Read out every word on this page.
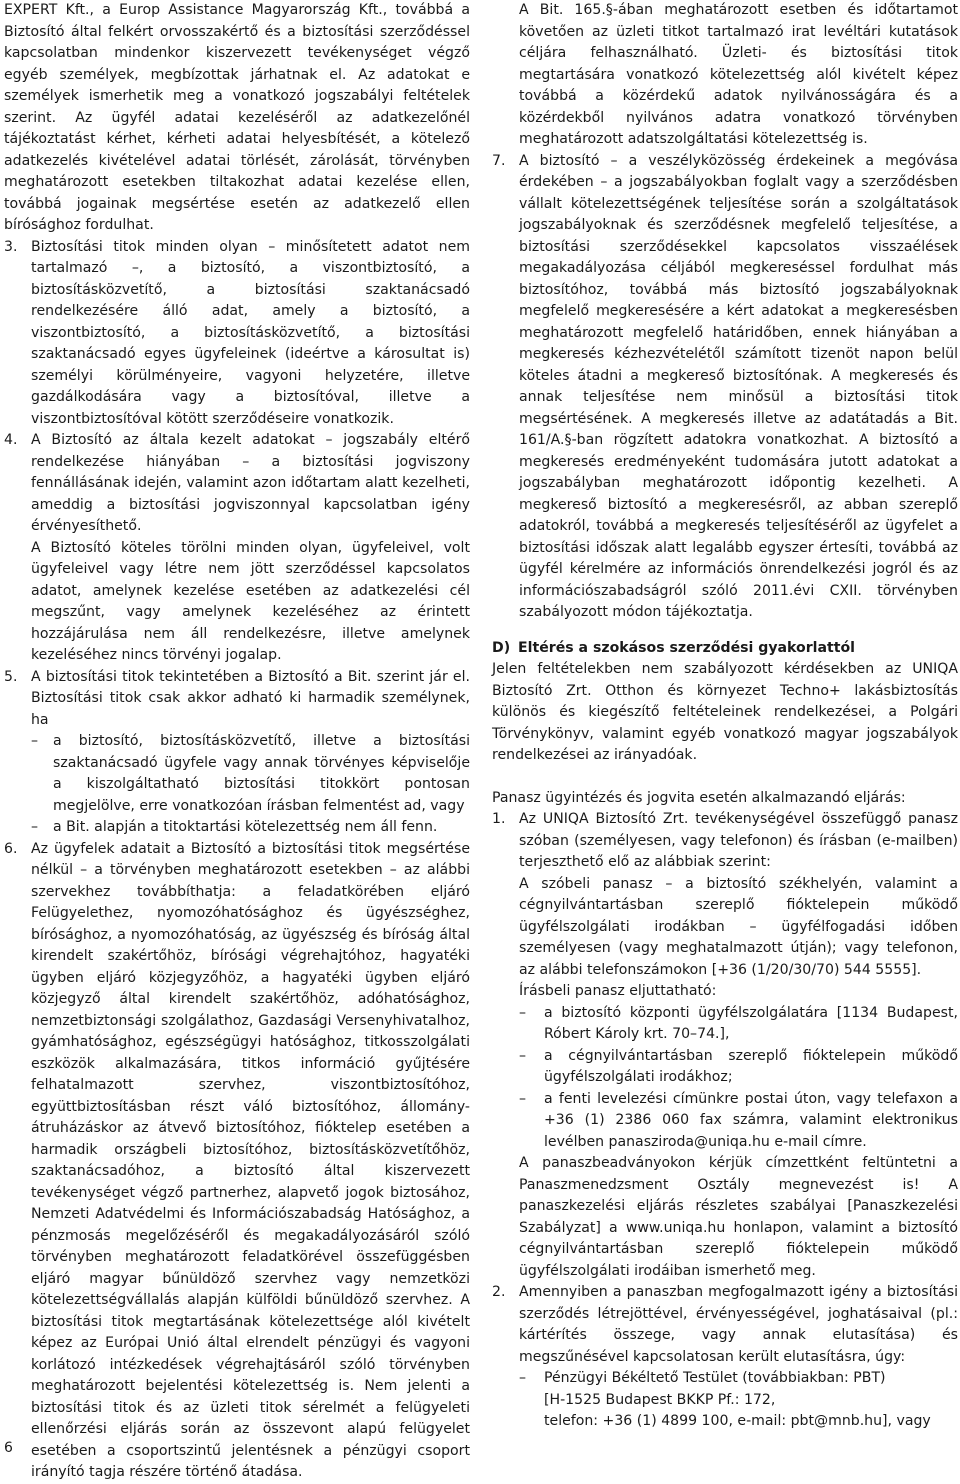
EXPERT Kft., a Europ Assistance Magyarország Kft., továbbá a Biztosító által felkért orvosszakértő és a biztosítási szerződéssel kapcsolatban mindenkor kiszervezett tevékenységet végző egyéb személyek, megbízottak járhatnak el. Az adatokat e személyek ismerhetik meg a vonatkozó jogszabályi feltételek szerint. Az ügyfél adatai kezeléséről az adatkezelőnél tájékoztatást kérhet, kérheti adatai helyesbítését, a kötelező adatkezelés kivételével adatai törlését, zárolását, törvényben meghatározott esetekben tiltakozhat adatai kezelése ellen, továbbá jogainak megsértése esetén az adatkezelő ellen bírósághoz fordulhat.

3. Biztosítási titok minden olyan – minősítetett adatot nem tartalmazó –, a biztosító, a viszontbiztosító, a biztosításközvetítő, a biztosítási szaktanácsadó rendelkezésére álló adat, amely a biztosító, a viszontbiztosító, a biztosításközvetítő, a biztosítási szaktanácsadó egyes ügyfeleinek (ideértve a károsultat is) személyi körülményeire, vagyoni helyzetére, illetve gazdálkodására vagy a biztosítóval, illetve a viszontbiztosítóval kötött szerződéseire vonatkozik.
4. A Biztosító az általa kezelt adatokat – jogszabály eltérő rendelkezése hiányában – a biztosítási jogviszony fennállásának idején, valamint azon időtartam alatt kezelheti, ameddig a biztosítási jogviszonnyal kapcsolatban igény érvényesíthető.

A Biztosító köteles törölni minden olyan, ügyfeleivel, volt ügyfeleivel vagy létre nem jött szerződéssel kapcsolatos adatot, amelynek kezelése esetében az adatkezelési cél megszűnt, vagy amelynek kezeléséhez az érintett hozzájárulása nem áll rendelkezésre, illetve amelynek kezeléséhez nincs törvényi jogalap.

5. A biztosítási titok tekintetében a Biztosító a Bit. szerint jár el. Biztosítási titok csak akkor adható ki harmadik személynek, ha
– a biztosító, biztosításközvetítő, illetve a biztosítási szaktanácsadó ügyfele vagy annak törvényes képviselője a kiszolgáltatható biztosítási titokkört pontosan megjelölve, erre vonatkozóan írásban felmentést ad, vagy
– a Bit. alapján a titoktartási kötelezettség nem áll fenn.
6. Az ügyfelek adatait a Biztosító a biztosítási titok megsértése nélkül – a törvényben meghatározott esetekben – az alábbi szervekhez továbbíthatja: a feladatkörében eljáró Felügyelethez, nyomozóhatósághoz és ügyészséghez, bírósághoz, a nyomozóhatóság, az ügyészség és bíróság által kirendelt szakértőhöz, bírósági végrehajtóhoz, hagyatéki ügyben eljáró közjegyzőhöz, a hagyatéki ügyben eljáró közjegyző által kirendelt szakértőhöz, adóhatósághoz, nemzetbiztonsági szolgálathoz, Gazdasági Versenyhivatalhoz, gyámhatósághoz, egészségügyi hatósághoz, titkosszolgálati eszközök alkalmazására, titkos információ gyűjtésére felhatalmazott szervhez, viszontbiztosítóhoz, együttbiztosításban részt váló biztosítóhoz, állomány-átruházáskor az átvevő biztosítóhoz, fióktelep esetében a harmadik országbeli biztosítóhoz, biztosításközvetítőhöz, szaktanácsadóhoz, a biztosító által kiszervezett tevékenységet végző partnerhez, alapvető jogok biztosához, Nemzeti Adatvédelmi és Információszabadság Hatósághoz, a pénzmosás megelőzéséről és megakadályozásáról szóló törvényben meghatározott feladatkörével összefüggésben eljáró magyar bűnüldöző szervhez vagy nemzetközi kötelezettségvállalás alapján külföldi bűnüldöző szervhez. A biztosítási titok megtartásának kötelezettsége alól kivételt képez az Európai Unió által elrendelt pénzügyi és vagyoni korlátozó intézkedések végrehajtásáról szóló törvényben meghatározott bejelentési kötelezettség is. Nem jelenti a biztosítási titok és az üzleti titok sérelmét a felügyeleti ellenőrzési eljárás során az összevont alapú felügyelet esetében a csoportszintű jelentésnek a pénzügyi csoport irányító tagja részére történő átadása.

A Bit. 165.§-ában meghatározott esetben és időtartamot követően az üzleti titkot tartalmazó irat levéltári kutatások céljára felhasználható. Üzleti- és biztosítási titok megtartására vonatkozó kötelezettség alól kivételt képez továbbá a közérdekű adatok nyilvánosságára és a közérdekből nyilvános adatra vonatkozó törvényben meghatározott adatszolgáltatási kötelezettség is.

7. A biztosító – a veszélyközösség érdekeinek a megóvása érdekében – a jogszabályokban foglalt vagy a szerződésben vállalt kötelezettségének teljesítése során a szolgáltatások jogszabályoknak és szerződésnek megfelelő teljesítése, a biztosítási szerződésekkel kapcsolatos visszaélések megakadályozása céljából megkereséssel fordulhat más biztosítóhoz, továbbá más biztosító jogszabályoknak megfelelő megkeresésére a kért adatokat a megkeresésben meghatározott megfelelő határidőben, ennek hiányában a megkeresés kézhezvételétől számított tizenöt napon belül köteles átadni a megkereső biztosítónak. A megkeresés és annak teljesítése nem minősül a biztosítási titok megsértésének. A megkeresés illetve az adatátadás a Bit. 161/A.§-ban rögzített adatokra vonatkozhat. A biztosító a megkeresés eredményeként tudomására jutott adatokat a jogszabályban meghatározott időpontig kezelheti. A megkereső biztosító a megkeresésről, az abban szereplő adatokról, továbbá a megkeresés teljesítéséről az ügyfelet a biztosítási időszak alatt legalább egyszer értesíti, továbbá az ügyfél kérelmére az információs önrendelkezési jogról és az információszabadságról szóló 2011.évi CXII. törvényben szabályozott módon tájékoztatja.
D) Eltérés a szokásos szerződési gyakorlattól

Jelen feltételekben nem szabályozott kérdésekben az UNIQA Biztosító Zrt. Otthon és környezet Techno+ lakásbiztosítás különös és kiegészítő feltételeinek rendelkezései, a Polgári Törvénykönyv, valamint egyéb vonatkozó magyar jogszabályok rendelkezései az irányadóak.

Panasz ügyintézés és jogvita esetén alkalmazandó eljárás:

1. Az UNIQA Biztosító Zrt. tevékenységével összefüggő panasz szóban (személyesen, vagy telefonon) és írásban (e-mailben) terjeszthető elő az alábbiak szerint:

A szóbeli panasz – a biztosító székhelyén, valamint a cégnyilvántartásban szereplő fióktelepein működő ügyfélszolgálati irodákban – ügyfélfogadási időben személyesen (vagy meghatalmazott útján); vagy telefonon, az alábbi telefonszámokon [+36 (1/20/30/70) 544 5555].

Írásbeli panasz eljuttatható:

– a biztosító központi ügyfélszolgálatára [1134 Budapest, Róbert Károly krt. 70–74.],
– a cégnyilvántartásban szereplő fióktelepein működő ügyfélszolgálati irodákhoz;
– a fenti levelezési címünkre postai úton, vagy telefaxon a +36 (1) 2386 060 fax számra, valamint elektronikus levélben panasziroda@uniqa.hu e-mail címre.

A panaszbeadványokon kérjük címzettként feltüntetni a Panaszmenedzsment Osztály megnevezést is! A panaszkezelési eljárás részletes szabályai [Panaszkezelési Szabályzat] a www.uniqa.hu honlapon, valamint a biztosító cégnyilvántartásban szereplő fióktelepein működő ügyfélszolgálati irodáiban ismerhető meg.

2. Amennyiben a panaszban megfogalmazott igény a biztosítási szerződés létrejöttével, érvényességével, joghatásaival (pl.: kártérítés összege, vagy annak elutasítása) és megszűnésével kapcsolatosan került elutasításra, úgy:
– Pénzügyi Békéltető Testület (továbbiakban: PBT)
[H-1525 Budapest BKKP Pf.: 172,
telefon: +36 (1) 4899 100, e-mail: pbt@mnb.hu], vagy
6
